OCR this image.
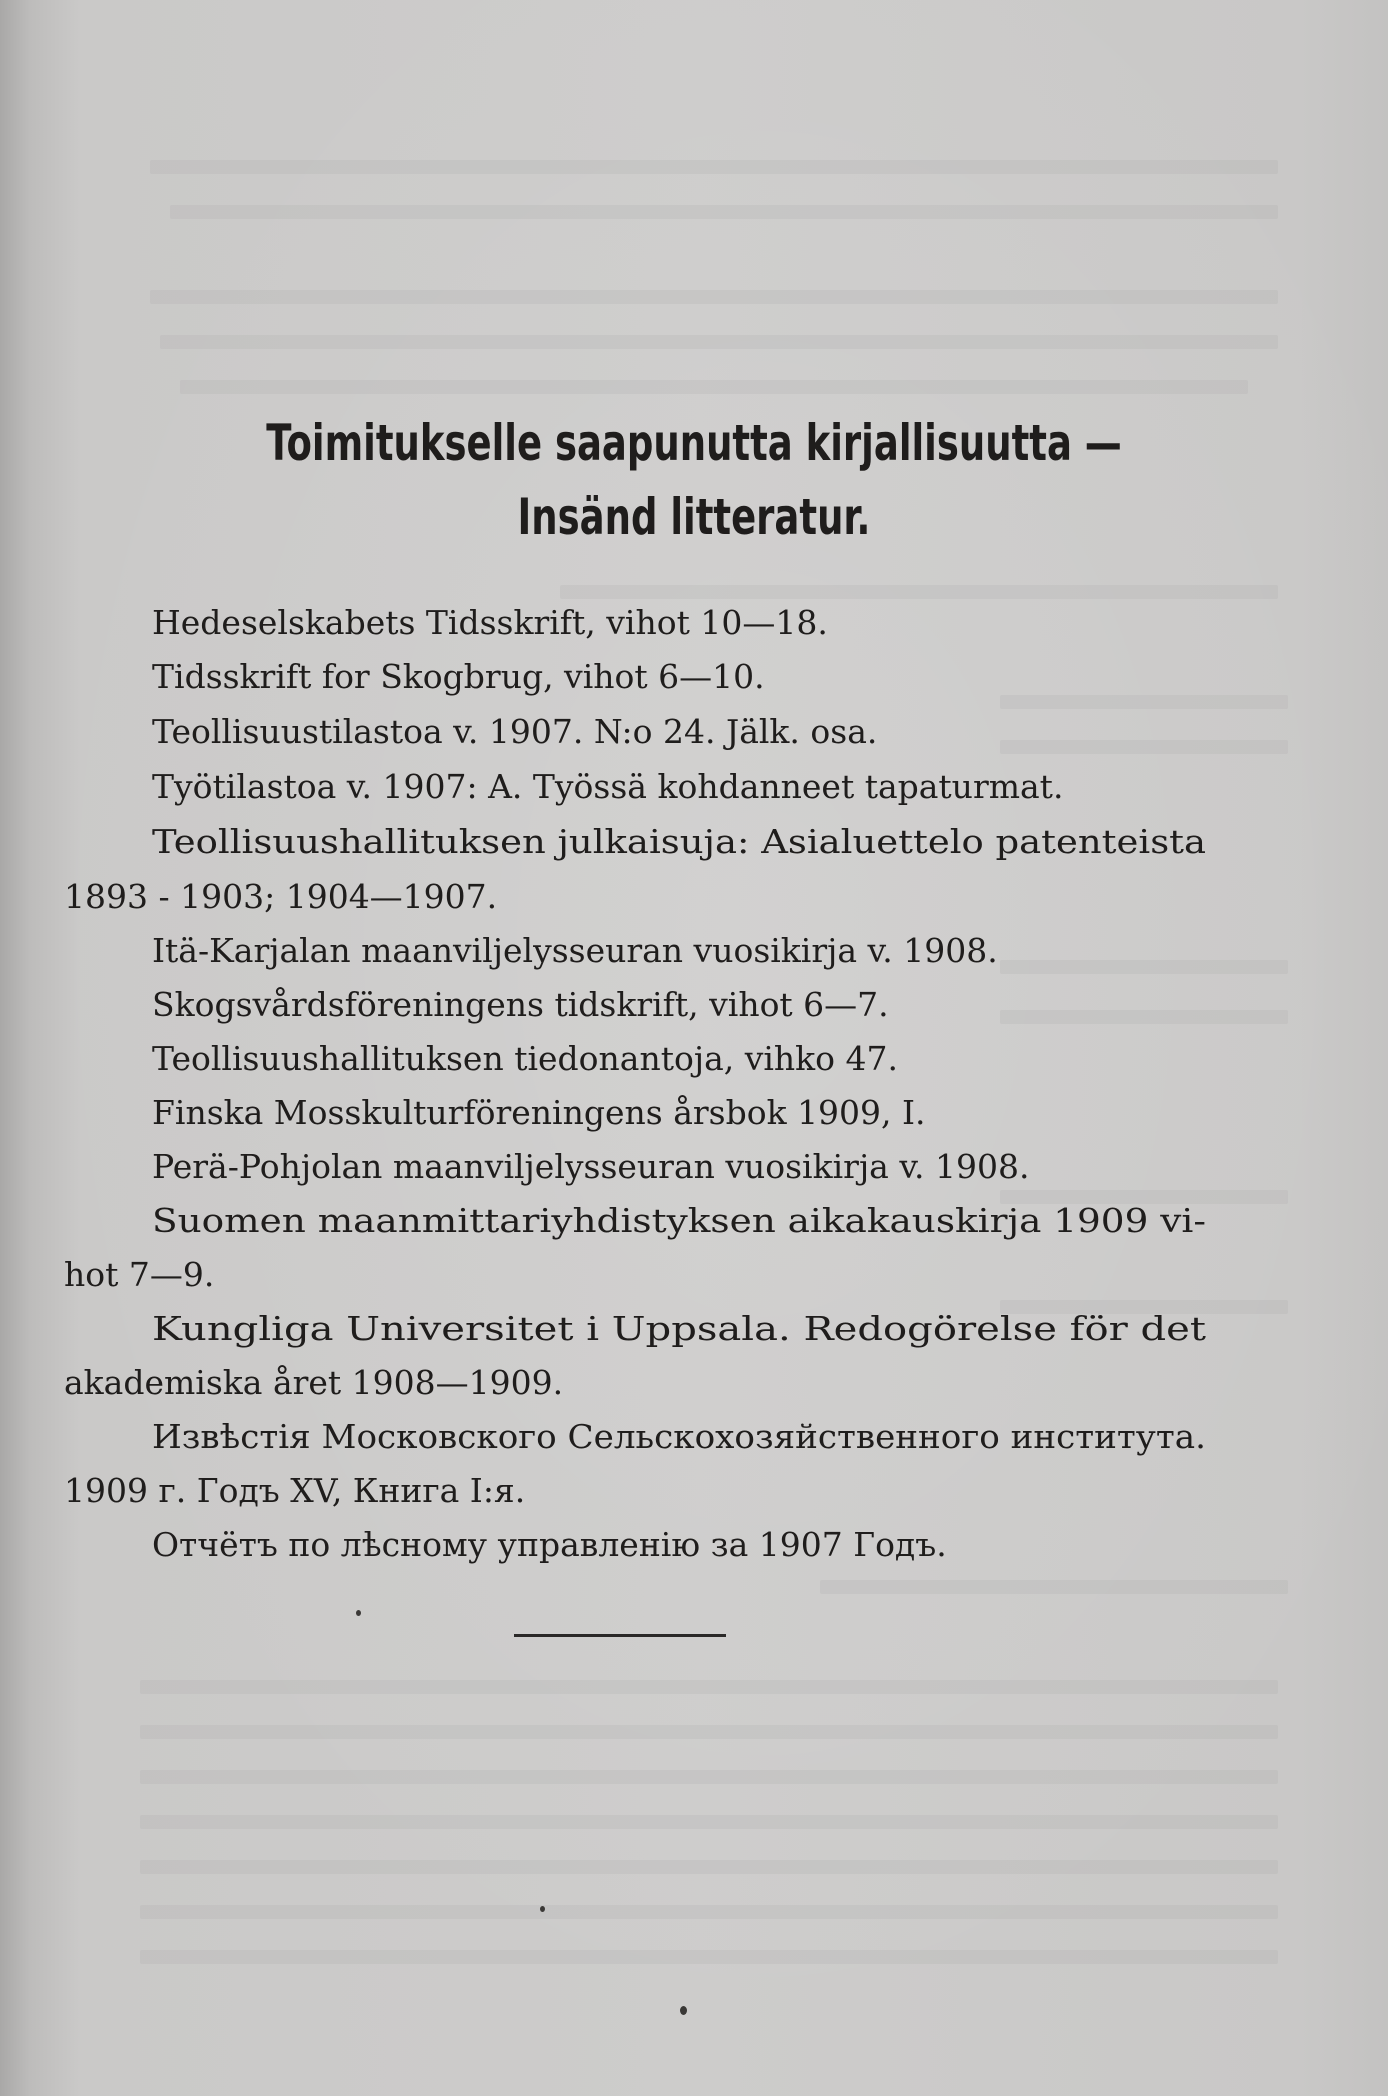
Toimitukselle saapunutta kirjallisuutta —
Insänd litteratur.
Hedeselskabets Tidsskrift, vihot 10—18.
Tidsskrift for Skogbrug, vihot 6—10.
Teollisuustilastoa v. 1907. N:o 24. Jälk. osa.
Työtilastoa v. 1907: A. Työssä kohdanneet tapaturmat.
Teollisuushallituksen julkaisuja: Asialuettelo patenteista
1893 - 1903; 1904—1907.
Itä-Karjalan maanviljelysseuran vuosikirja v. 1908.
Skogsvårdsföreningens tidskrift, vihot 6—7.
Teollisuushallituksen tiedonantoja, vihko 47.
Finska Mosskulturföreningens årsbok 1909, I.
Perä-Pohjolan maanviljelysseuran vuosikirja v. 1908.
Suomen maanmittariyhdistyksen aikakauskirja 1909 vi-
hot 7—9.
Kungliga Universitet i Uppsala. Redogörelse för det
akademiska året 1908—1909.
Извѣстія Московского Сельскохозяйственного института.
1909 г. Годъ XV, Книга I:я.
Отчётъ по лѣсному управленію за 1907 Годъ.
